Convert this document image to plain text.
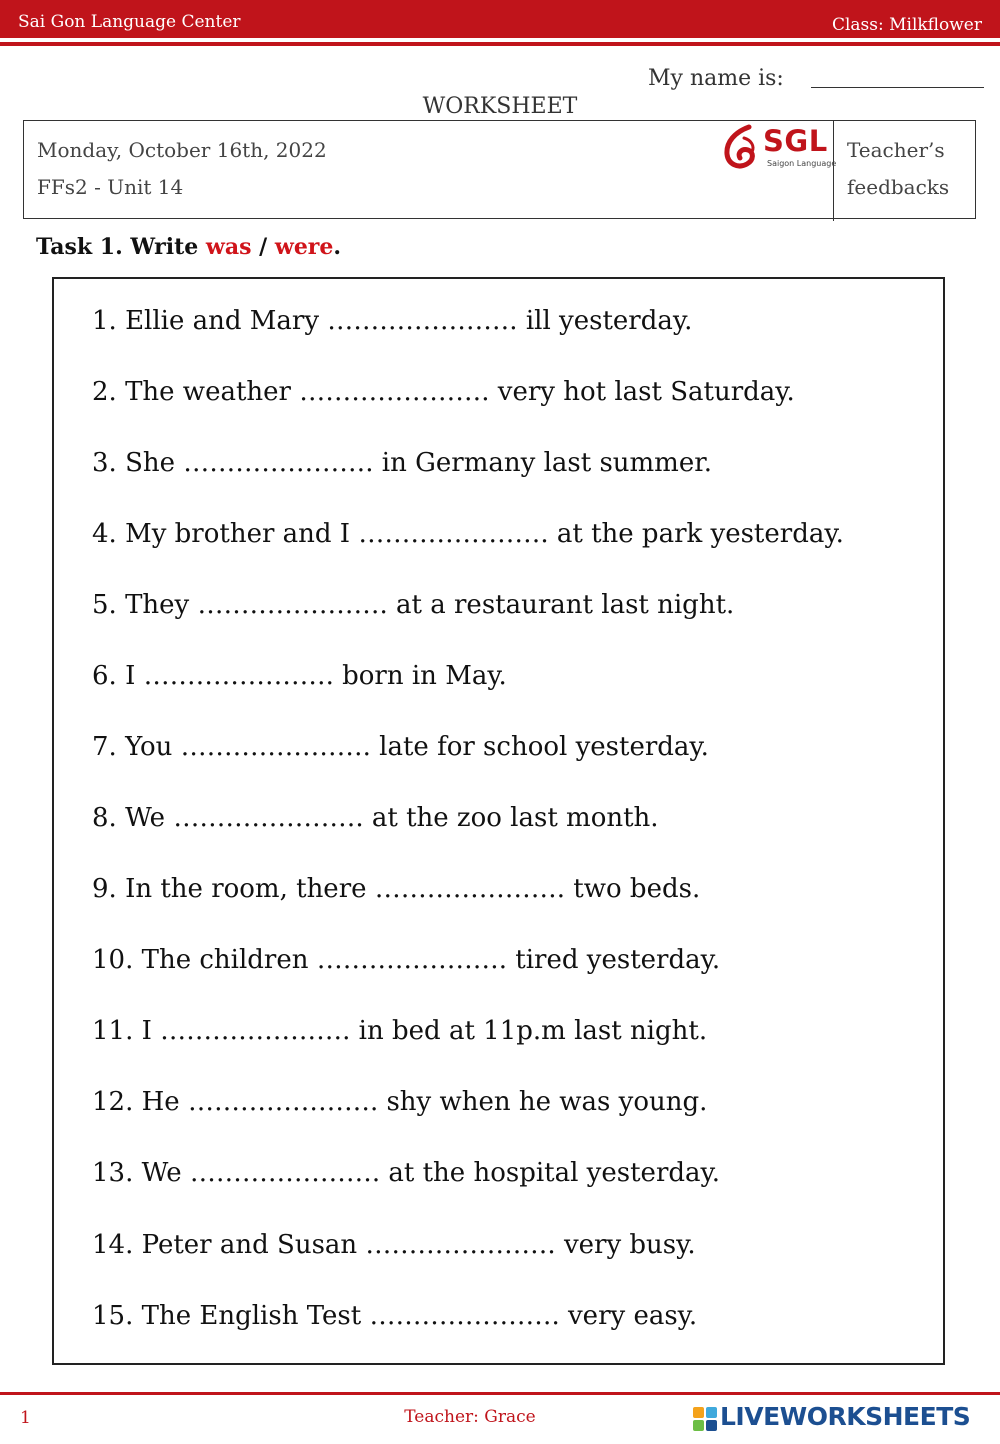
Sai Gon Language Center	Class: Milkflower
My name is:
WORKSHEET
Monday, October 16th, 2022
FFs2 - Unit 14
Teacher’s
feedbacks
SGL
Saigon Language
Task 1. Write was / were.
1. Ellie and Mary …………………. ill yesterday.
2. The weather …………………. very hot last Saturday.
3. She …………………. in Germany last summer.
4. My brother and I …………………. at the park yesterday.
5. They …………………. at a restaurant last night.
6. I …………………. born in May.
7. You …………………. late for school yesterday.
8. We …………………. at the zoo last month.
9. In the room, there …………………. two beds.
10. The children …………………. tired yesterday.
11. I …………………. in bed at 11p.m last night.
12. He …………………. shy when he was young.
13. We …………………. at the hospital yesterday.
14. Peter and Susan …………………. very busy.
15. The English Test …………………. very easy.
1	Teacher: Grace	LIVEWORKSHEETS
